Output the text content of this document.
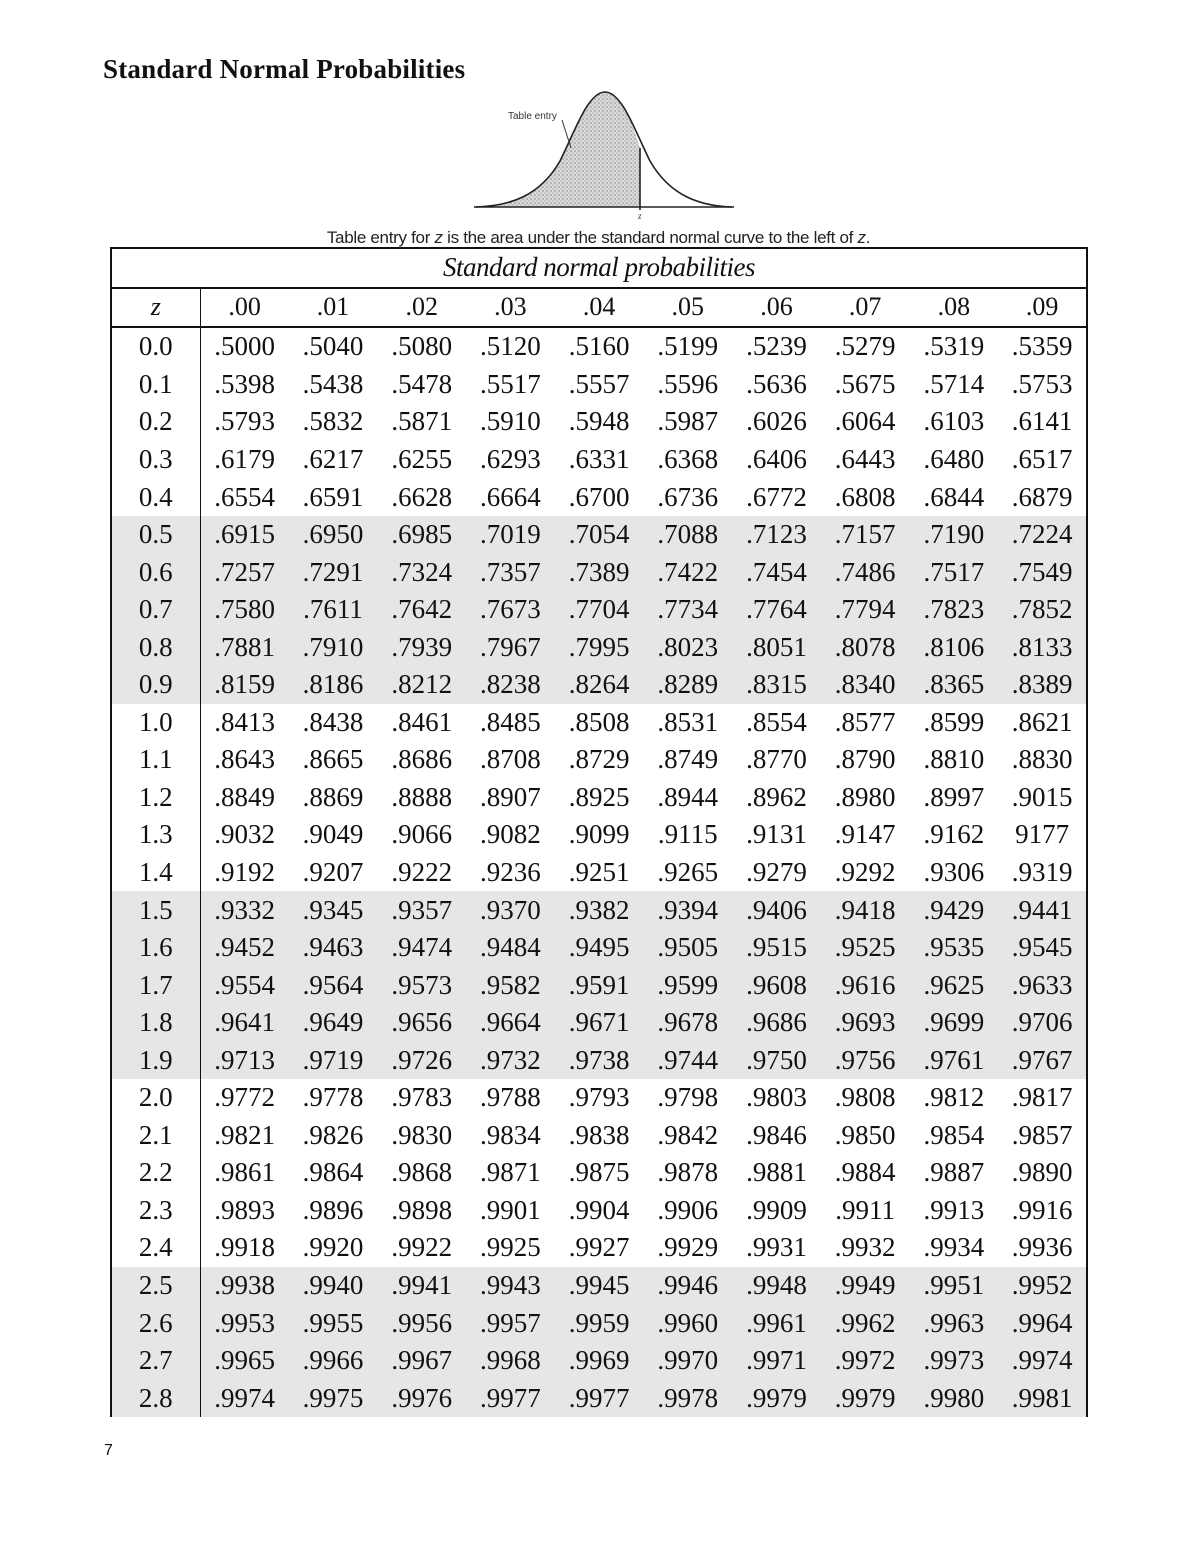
Standard Normal Probabilities
Table entry
z
Table entry for z is the area under the standard normal curve to the left of z.
Standard normal probabilities										
z	.00	.01	.02	.03	.04	.05	.06	.07	.08	.09
0.0	.5000	.5040	.5080	.5120	.5160	.5199	.5239	.5279	.5319	.5359
0.1	.5398	.5438	.5478	.5517	.5557	.5596	.5636	.5675	.5714	.5753
0.2	.5793	.5832	.5871	.5910	.5948	.5987	.6026	.6064	.6103	.6141
0.3	.6179	.6217	.6255	.6293	.6331	.6368	.6406	.6443	.6480	.6517
0.4	.6554	.6591	.6628	.6664	.6700	.6736	.6772	.6808	.6844	.6879
0.5	.6915	.6950	.6985	.7019	.7054	.7088	.7123	.7157	.7190	.7224
0.6	.7257	.7291	.7324	.7357	.7389	.7422	.7454	.7486	.7517	.7549
0.7	.7580	.7611	.7642	.7673	.7704	.7734	.7764	.7794	.7823	.7852
0.8	.7881	.7910	.7939	.7967	.7995	.8023	.8051	.8078	.8106	.8133
0.9	.8159	.8186	.8212	.8238	.8264	.8289	.8315	.8340	.8365	.8389
1.0	.8413	.8438	.8461	.8485	.8508	.8531	.8554	.8577	.8599	.8621
1.1	.8643	.8665	.8686	.8708	.8729	.8749	.8770	.8790	.8810	.8830
1.2	.8849	.8869	.8888	.8907	.8925	.8944	.8962	.8980	.8997	.9015
1.3	.9032	.9049	.9066	.9082	.9099	.9115	.9131	.9147	.9162	9177
1.4	.9192	.9207	.9222	.9236	.9251	.9265	.9279	.9292	.9306	.9319
1.5	.9332	.9345	.9357	.9370	.9382	.9394	.9406	.9418	.9429	.9441
1.6	.9452	.9463	.9474	.9484	.9495	.9505	.9515	.9525	.9535	.9545
1.7	.9554	.9564	.9573	.9582	.9591	.9599	.9608	.9616	.9625	.9633
1.8	.9641	.9649	.9656	.9664	.9671	.9678	.9686	.9693	.9699	.9706
1.9	.9713	.9719	.9726	.9732	.9738	.9744	.9750	.9756	.9761	.9767
2.0	.9772	.9778	.9783	.9788	.9793	.9798	.9803	.9808	.9812	.9817
2.1	.9821	.9826	.9830	.9834	.9838	.9842	.9846	.9850	.9854	.9857
2.2	.9861	.9864	.9868	.9871	.9875	.9878	.9881	.9884	.9887	.9890
2.3	.9893	.9896	.9898	.9901	.9904	.9906	.9909	.9911	.9913	.9916
2.4	.9918	.9920	.9922	.9925	.9927	.9929	.9931	.9932	.9934	.9936
2.5	.9938	.9940	.9941	.9943	.9945	.9946	.9948	.9949	.9951	.9952
2.6	.9953	.9955	.9956	.9957	.9959	.9960	.9961	.9962	.9963	.9964
2.7	.9965	.9966	.9967	.9968	.9969	.9970	.9971	.9972	.9973	.9974
2.8	.9974	.9975	.9976	.9977	.9977	.9978	.9979	.9979	.9980	.9981
7
